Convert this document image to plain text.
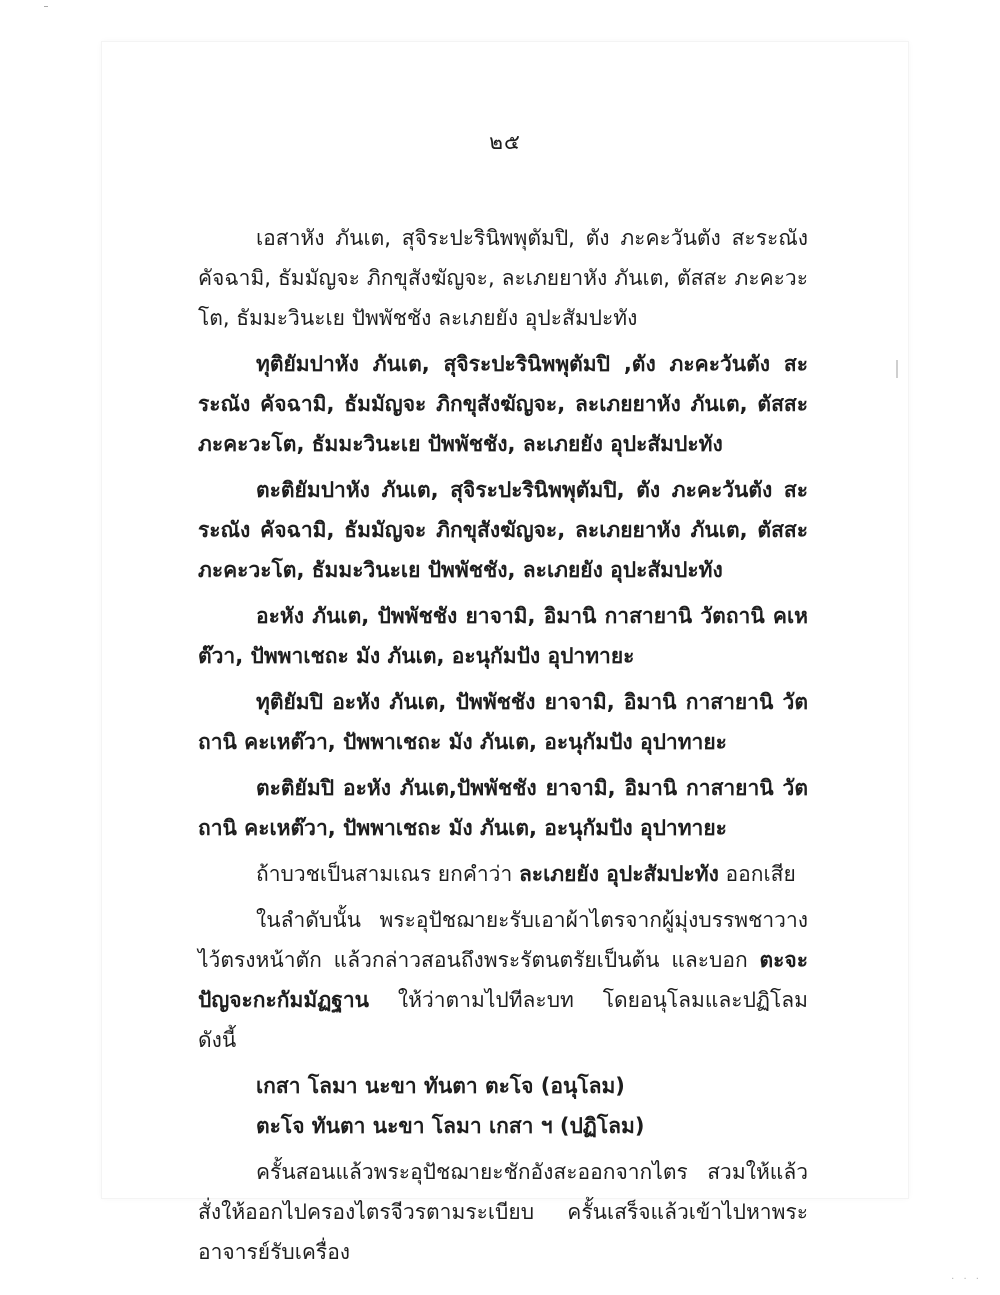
๒๕

เอสาหัง ภันเต, สุจิระปะรินิพพุตัมปิ, ตัง ภะคะวันตัง สะระณัง คัจฉามิ, ธัมมัญจะ ภิกขุสังฆัญจะ, ละเภยยาหัง ภันเต, ตัสสะ ภะคะวะโต, ธัมมะวินะเย ปัพพัชชัง ละเภยยัง อุปะสัมปะทัง

ทุติยัมปาหัง ภันเต, สุจิระปะรินิพพุตัมปิ ,ตัง ภะคะวันตัง สะระณัง คัจฉามิ, ธัมมัญจะ ภิกขุสังฆัญจะ, ละเภยยาหัง ภันเต, ตัสสะ ภะคะวะโต, ธัมมะวินะเย ปัพพัชชัง, ละเภยยัง อุปะสัมปะทัง

ตะติยัมปาหัง ภันเต, สุจิระปะรินิพพุตัมปิ, ตัง ภะคะวันตัง สะระณัง คัจฉามิ, ธัมมัญจะ ภิกขุสังฆัญจะ, ละเภยยาหัง ภันเต, ตัสสะ ภะคะวะโต, ธัมมะวินะเย ปัพพัชชัง, ละเภยยัง อุปะสัมปะทัง

อะหัง ภันเต, ปัพพัชชัง ยาจามิ, อิมานิ กาสายานิ วัตถานิ คเหต๊วา, ปัพพาเชถะ มัง ภันเต, อะนุกัมปัง อุปาทายะ

ทุติยัมปิ อะหัง ภันเต, ปัพพัชชัง ยาจามิ, อิมานิ กาสายานิ วัตถานิ คะเหต๊วา, ปัพพาเชถะ มัง ภันเต, อะนุกัมปัง อุปาทายะ

ตะติยัมปิ อะหัง ภันเต,ปัพพัชชัง ยาจามิ, อิมานิ กาสายานิ วัตถานิ คะเหต๊วา, ปัพพาเชถะ มัง ภันเต, อะนุกัมปัง อุปาทายะ

ถ้าบวชเป็นสามเณร ยกคำว่า ละเภยยัง อุปะสัมปะทัง ออกเสีย

ในลำดับนั้น พระอุปัชฌายะรับเอาผ้าไตรจากผู้มุ่งบรรพชาวางไว้ตรงหน้าตัก แล้วกล่าวสอนถึงพระรัตนตรัยเป็นต้น และบอก ตะจะปัญจะกะกัมมัฏฐาน ให้ว่าตามไปทีละบท โดยอนุโลมและปฏิโลม ดังนี้

เกสา โลมา นะขา ทันตา ตะโจ (อนุโลม)

ตะโจ ทันตา นะขา โลมา เกสา ฯ (ปฏิโลม)

ครั้นสอนแล้วพระอุปัชฌายะชักอังสะออกจากไตร สวมให้แล้ว สั่งให้ออกไปครองไตรจีวรตามระเบียบ ครั้นเสร็จแล้วเข้าไปหาพระอาจารย์รับเครื่อง

· · ·
